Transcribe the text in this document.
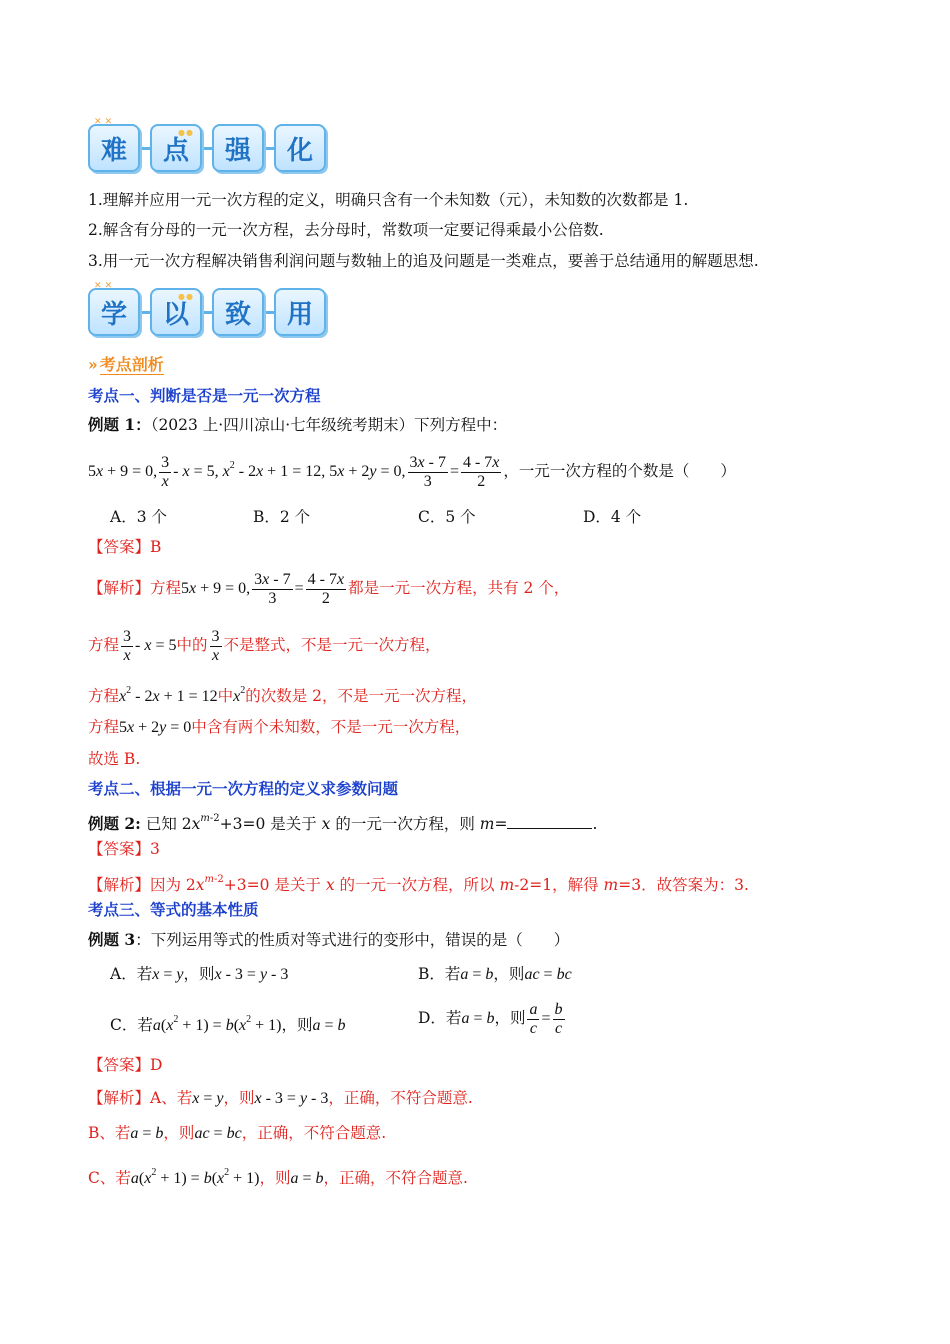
✕ ✕
难
●●
点 强 化
1.理解并应用一元一次方程的定义，明确只含有一个未知数（元），未知数的次数都是 1.
2.解含有分母的一元一次方程，去分母时，常数项一定要记得乘最小公倍数.
3.用一元一次方程解决销售利润问题与数轴上的追及问题是一类难点，要善于总结通用的解题思想.
✕ ✕
学
●●
以 致 用
» 考点剖析
考点一、判断是否是一元一次方程
例题 1：（2023 上·四川凉山·七年级统考期末）下列方程中：
5x + 9 = 0, $\frac{3}{x} - x = 5$, $x^2 - 2x + 1 = 12$, 5x + 2y = 0, $\frac{3x - 7}{3} = \frac{4 - 7x}{2}$ ，一元一次方程的个数是（　　）
A．3 个	B．2 个	C．5 个	D．4 个
【答案】B
【解析】方程5x + 9 = 0, $\frac{3x - 7}{3} = \frac{4 - 7x}{2}$ 都是一元一次方程，共有 2 个，
方程 $\frac{3}{x} - x = 5$中的 $\frac{3}{x}$ 不是整式，不是一元一次方程，
方程$x^2 - 2x + 1 = 12$中$x^2$的次数是 2，不是一元一次方程，
方程5x + 2y = 0中含有两个未知数，不是一元一次方程，
故选 B.
考点二、根据一元一次方程的定义求参数问题
例题 2: 已知 $2x^{m-2}+3=0$ 是关于 x 的一元一次方程，则 m=	.
【答案】3
【解析】因为 $2x^{m-2}+3=0$ 是关于 x 的一元一次方程，所以 m-2=1，解得 m=3．故答案为：3.
考点三、等式的基本性质
例题 3：下列运用等式的性质对等式进行的变形中，错误的是（　　）
A．若x = y，则x - 3 = y - 3	B．若a = b，则ac = bc
C．若$a(x^2 + 1) = b(x^2 + 1)$，则a = b	D．若a = b，则 $\frac{a}{c} = \frac{b}{c}$
【答案】D
【解析】A、若x = y，则x - 3 = y - 3，正确，不符合题意.
B、若a = b，则ac = bc，正确，不符合题意.
C、若$a(x^2 + 1) = b(x^2 + 1)$，则a = b，正确，不符合题意.
